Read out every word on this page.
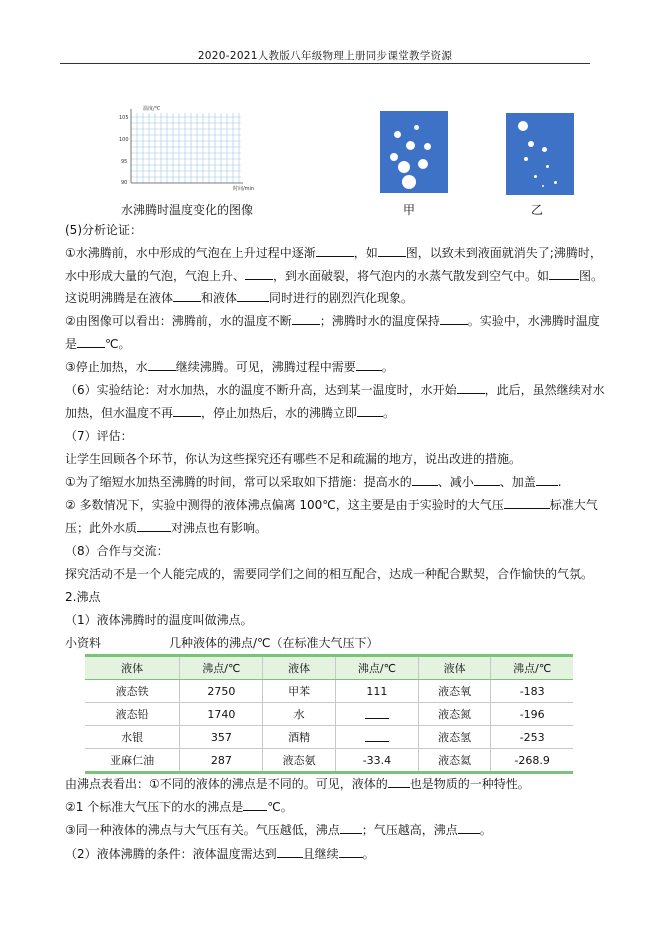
2020-2021人教版八年级物理上册同步课堂教学资源
温度/℃
时间/min
105
100
95
90
水沸腾时温度变化的图像	甲	乙
(5)分析论证：
①水沸腾前，水中形成的气泡在上升过程中逐渐	，如 图，以致未到液面就消失了;沸腾时，
水中形成大量的气泡，气泡上升、 ，到水面破裂，将气泡内的水蒸气散发到空气中。如	图。
这说明沸腾是在液体 和液体	同时进行的剧烈汽化现象。
②由图像可以看出：沸腾前，水的温度不断 ；沸腾时水的温度保持 。实验中，水沸腾时温度
是 ℃。
③停止加热，水 继续沸腾。可见，沸腾过程中需要 。
（6）实验结论：对水加热，水的温度不断升高，达到某一温度时，水开始 ，此后，虽然继续对水
加热，但水温度不再 ，停止加热后，水的沸腾立即 。
（7）评估：
让学生回顾各个环节，你认为这些探究还有哪些不足和疏漏的地方，说出改进的措施。
①为了缩短水加热至沸腾的时间，常可以采取如下措施：提高水的 、减小 、加盖 .
② 多数情况下，实验中测得的液体沸点偏离 100℃，这主要是由于实验时的大气压	标准大气
压；此外水质	对沸点也有影响。
（8）合作与交流：
探究活动不是一个人能完成的，需要同学们之间的相互配合，达成一种配合默契，合作愉快的气氛。
2.沸点
（1）液体沸腾时的温度叫做沸点。
小资料	几种液体的沸点/℃（在标准大气压下）
液体	沸点/℃	液体	沸点/℃	液体	沸点/℃
液态铁	2750	甲苯	111	液态氧	-183
液态铅	1740	水		液态氮	-196
水银	357	酒精		液态氢	-253
亚麻仁油	287	液态氨	-33.4	液态氦	-268.9
由沸点表看出：①不同的液体的沸点是不同的。可见，液体的 也是物质的一种特性。
②1 个标准大气压下的水的沸点是 ℃。
③同一种液体的沸点与大气压有关。气压越低，沸点 ；气压越高，沸点 。
（2）液体沸腾的条件：液体温度需达到 且继续 。
